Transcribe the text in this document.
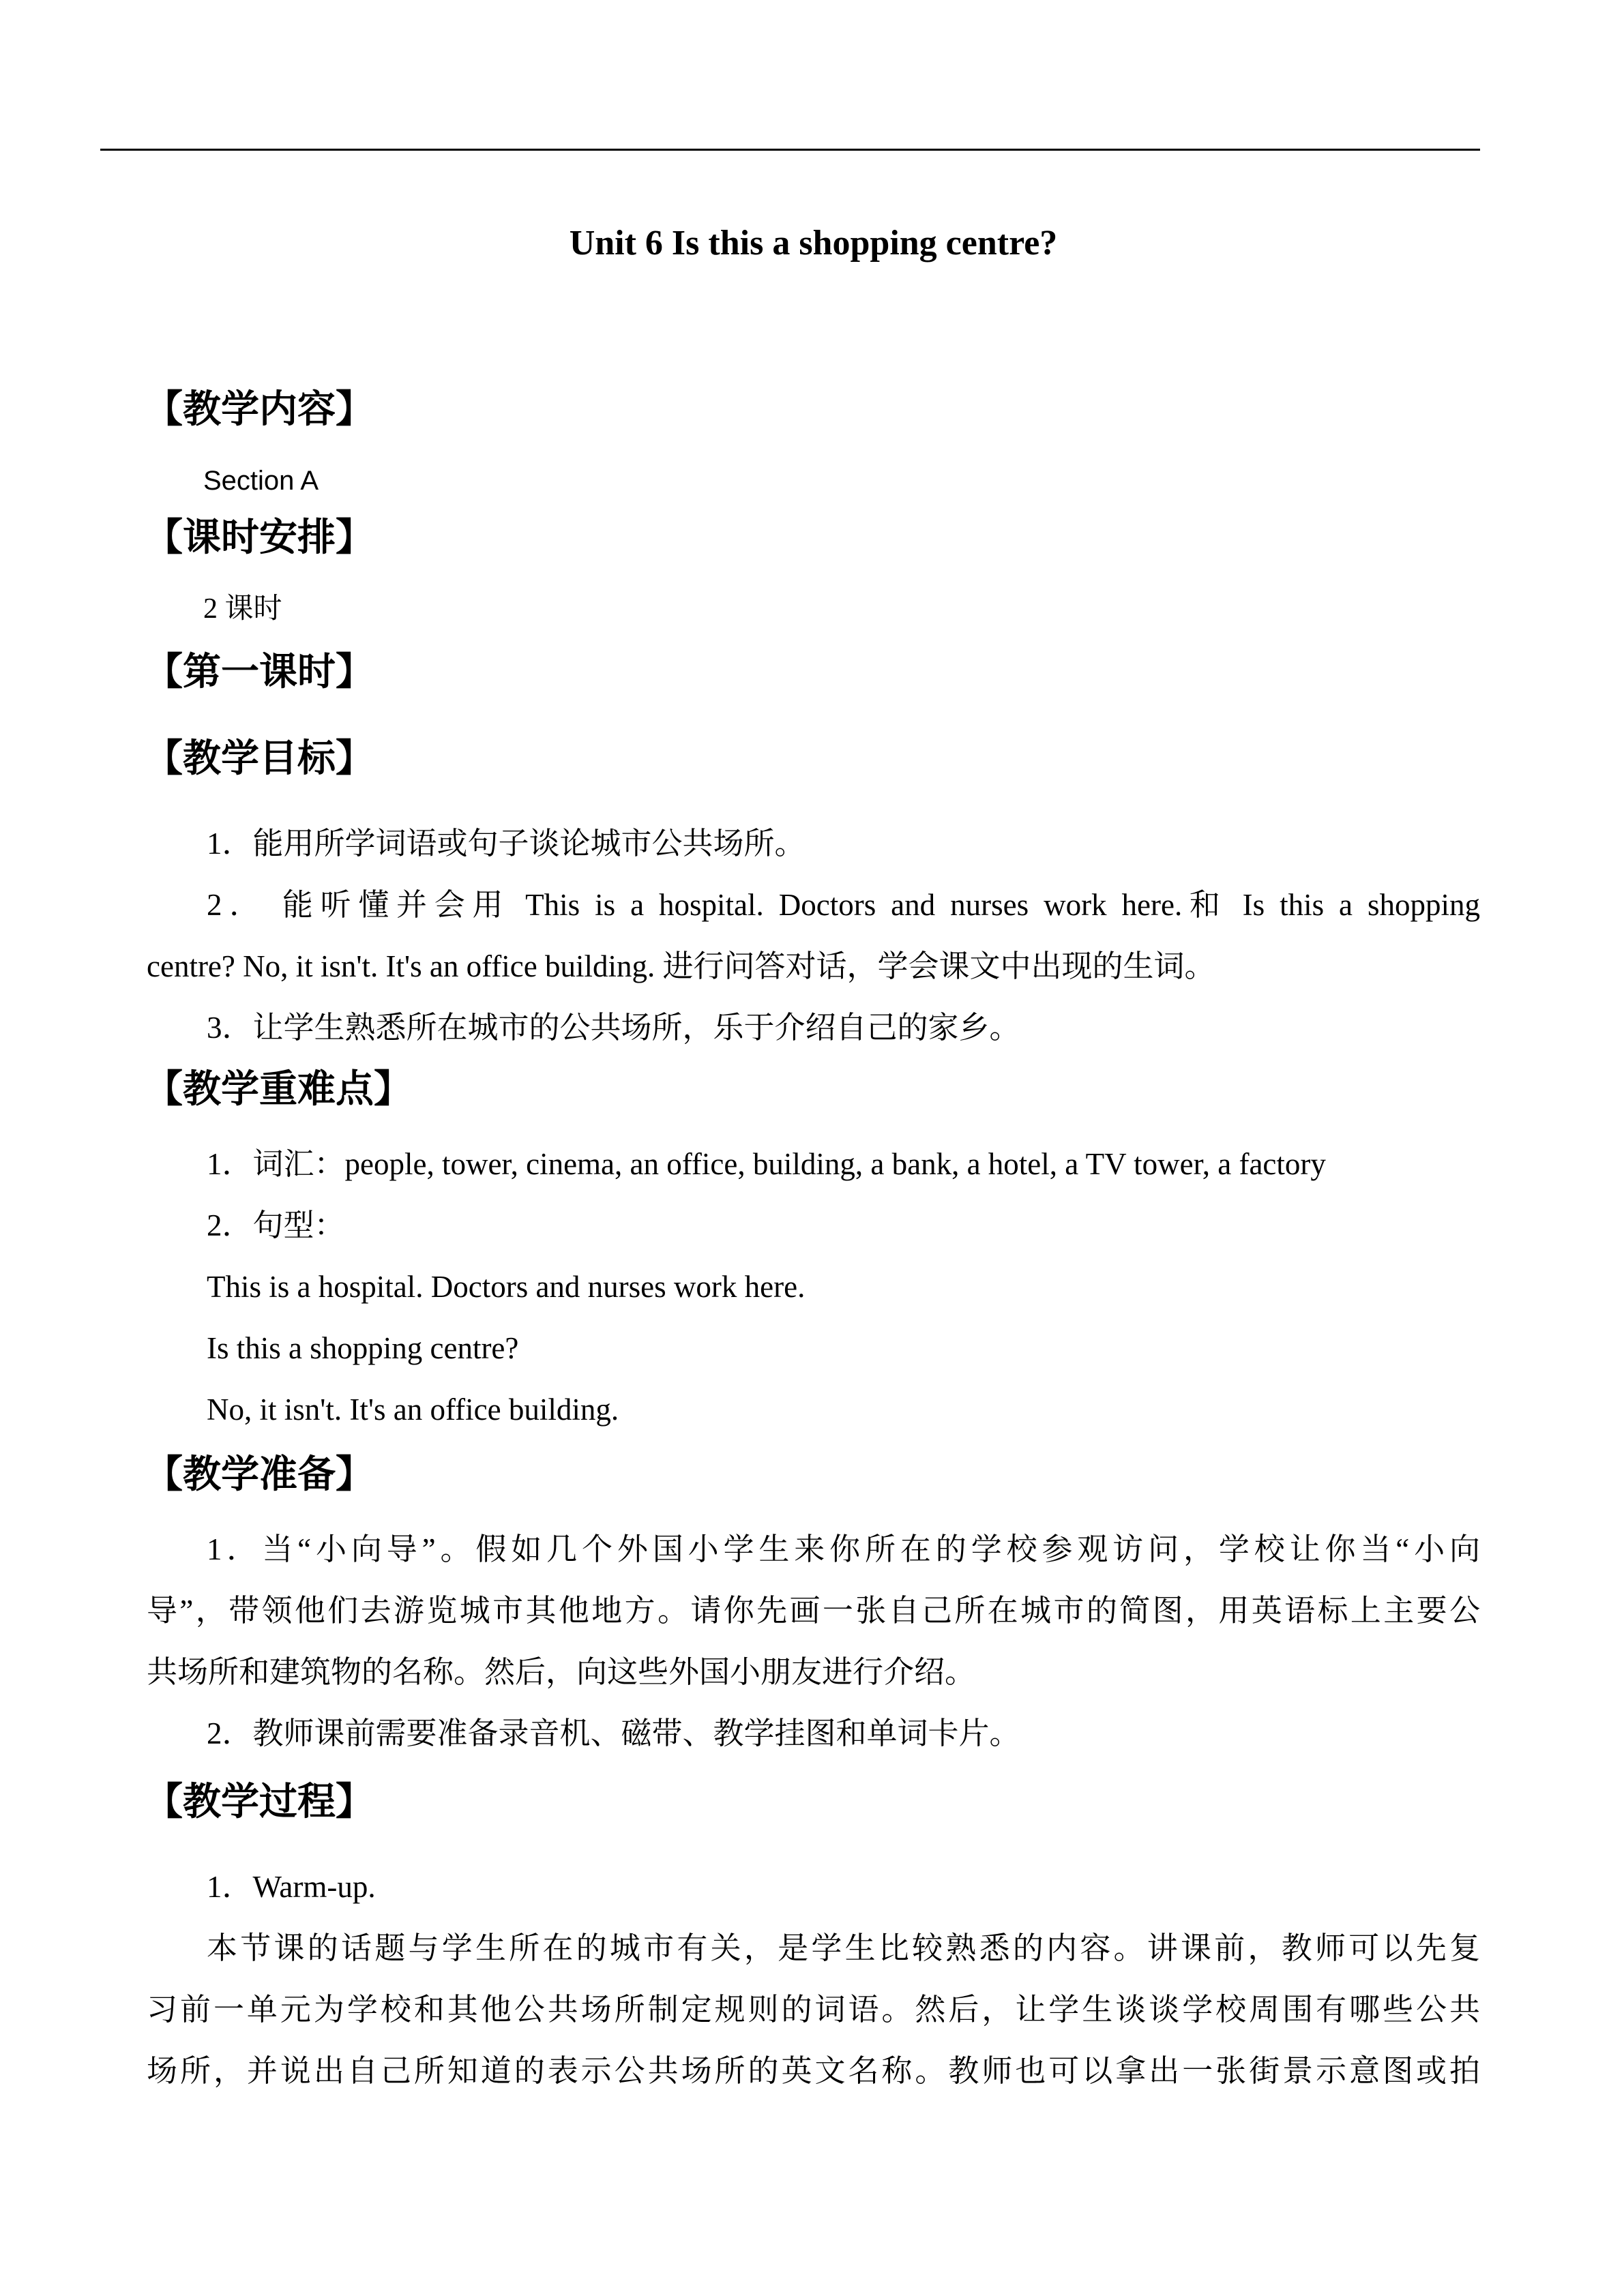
Unit 6 Is this a shopping centre?
【教学内容】
Section A
【课时安排】
2 课时
【第一课时】
【教学目标】
1．能用所学词语或句子谈论城市公共场所。
2． 能听懂并会用 This is a hospital. Doctors and nurses work here.和 Is this a shopping
centre? No, it isn't. It's an office building. 进行问答对话，学会课文中出现的生词。
3．让学生熟悉所在城市的公共场所，乐于介绍自己的家乡。
【教学重难点】
1．词汇：people, tower, cinema, an office, building, a bank, a hotel, a TV tower, a factory
2．句型：
This is a hospital. Doctors and nurses work here.
Is this a shopping centre?
No, it isn't. It's an office building.
【教学准备】
1．当“小向导”。假如几个外国小学生来你所在的学校参观访问，学校让你当“小向
导”，带领他们去游览城市其他地方。请你先画一张自己所在城市的简图，用英语标上主要公
共场所和建筑物的名称。然后，向这些外国小朋友进行介绍。
2．教师课前需要准备录音机、磁带、教学挂图和单词卡片。
【教学过程】
1．Warm-up.
本节课的话题与学生所在的城市有关，是学生比较熟悉的内容。讲课前，教师可以先复
习前一单元为学校和其他公共场所制定规则的词语。然后，让学生谈谈学校周围有哪些公共
场所，并说出自己所知道的表示公共场所的英文名称。教师也可以拿出一张街景示意图或拍
